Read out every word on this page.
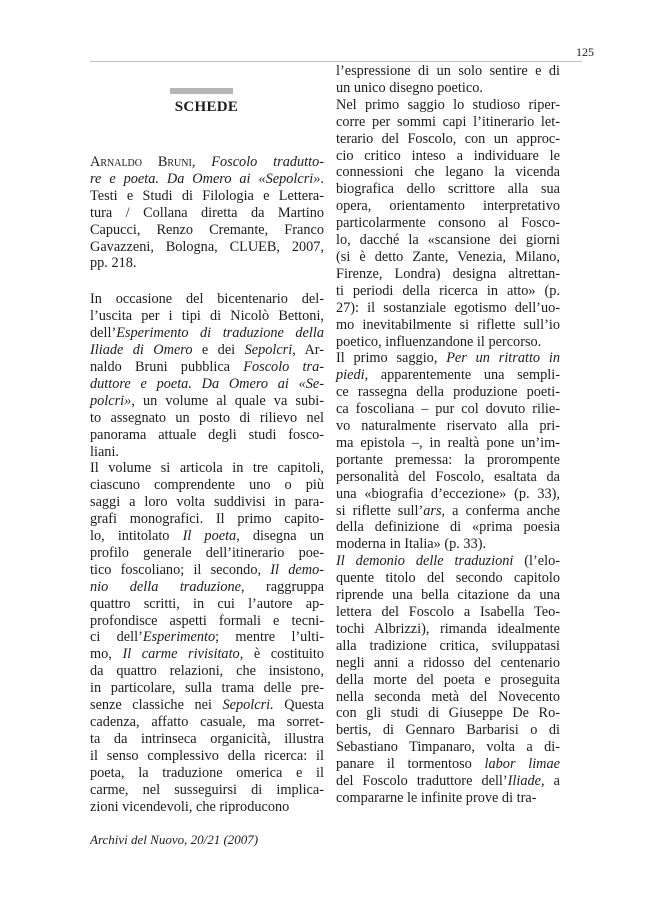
125
SCHEDE

Arnaldo Bruni, Foscolo tradutto-
re e poeta. Da Omero ai «Sepolcri».
Testi e Studi di Filologia e Lettera-
tura / Collana diretta da Martino
Capucci, Renzo Cremante, Franco
Gavazzeni, Bologna, CLUEB, 2007,
pp. 218.

In occasione del bicentenario del-
l’uscita per i tipi di Nicolò Bettoni,
dell’Esperimento di traduzione della
Iliade di Omero e dei Sepolcri, Ar-
naldo Bruni pubblica Foscolo tra-
duttore e poeta. Da Omero ai «Se-
polcri», un volume al quale va subi-
to assegnato un posto di rilievo nel
panorama attuale degli studi fosco-
liani.

Il volume si articola in tre capitoli,
ciascuno comprendente uno o più
saggi a loro volta suddivisi in para-
grafi monografici. Il primo capito-
lo, intitolato Il poeta, disegna un
profilo generale dell’itinerario poe-
tico foscoliano; il secondo, Il demo-
nio della traduzione, raggruppa
quattro scritti, in cui l’autore ap-
profondisce aspetti formali e tecni-
ci dell’Esperimento; mentre l’ulti-
mo, Il carme rivisitato, è costituito
da quattro relazioni, che insistono,
in particolare, sulla trama delle pre-
senze classiche nei Sepolcri. Questa
cadenza, affatto casuale, ma sorret-
ta da intrinseca organicità, illustra
il senso complessivo della ricerca: il
poeta, la traduzione omerica e il
carme, nel susseguirsi di implica-
zioni vicendevoli, che riproducono

l’espressione di un solo sentire e di
un unico disegno poetico.

Nel primo saggio lo studioso riper-
corre per sommi capi l’itinerario let-
terario del Foscolo, con un approc-
cio critico inteso a individuare le
connessioni che legano la vicenda
biografica dello scrittore alla sua
opera, orientamento interpretativo
particolarmente consono al Fosco-
lo, dacché la «scansione dei giorni
(si è detto Zante, Venezia, Milano,
Firenze, Londra) designa altrettan-
ti periodi della ricerca in atto» (p.
27): il sostanziale egotismo dell’uo-
mo inevitabilmente si riflette sull’io
poetico, influenzandone il percorso.

Il primo saggio, Per un ritratto in
piedi, apparentemente una sempli-
ce rassegna della produzione poeti-
ca foscoliana – pur col dovuto rilie-
vo naturalmente riservato alla pri-
ma epistola –, in realtà pone un’im-
portante premessa: la prorompente
personalità del Foscolo, esaltata da
una «biografia d’eccezione» (p. 33),
si riflette sull’ars, a conferma anche
della definizione di «prima poesia
moderna in Italia» (p. 33).

Il demonio delle traduzioni (l’elo-
quente titolo del secondo capitolo
riprende una bella citazione da una
lettera del Foscolo a Isabella Teo-
tochi Albrizzi), rimanda idealmente
alla tradizione critica, sviluppatasi
negli anni a ridosso del centenario
della morte del poeta e proseguita
nella seconda metà del Novecento
con gli studi di Giuseppe De Ro-
bertis, di Gennaro Barbarisi o di
Sebastiano Timpanaro, volta a di-
panare il tormentoso labor limae
del Foscolo traduttore dell’Iliade, a
compararne le infinite prove di tra-

Archivi del Nuovo, 20/21 (2007)
